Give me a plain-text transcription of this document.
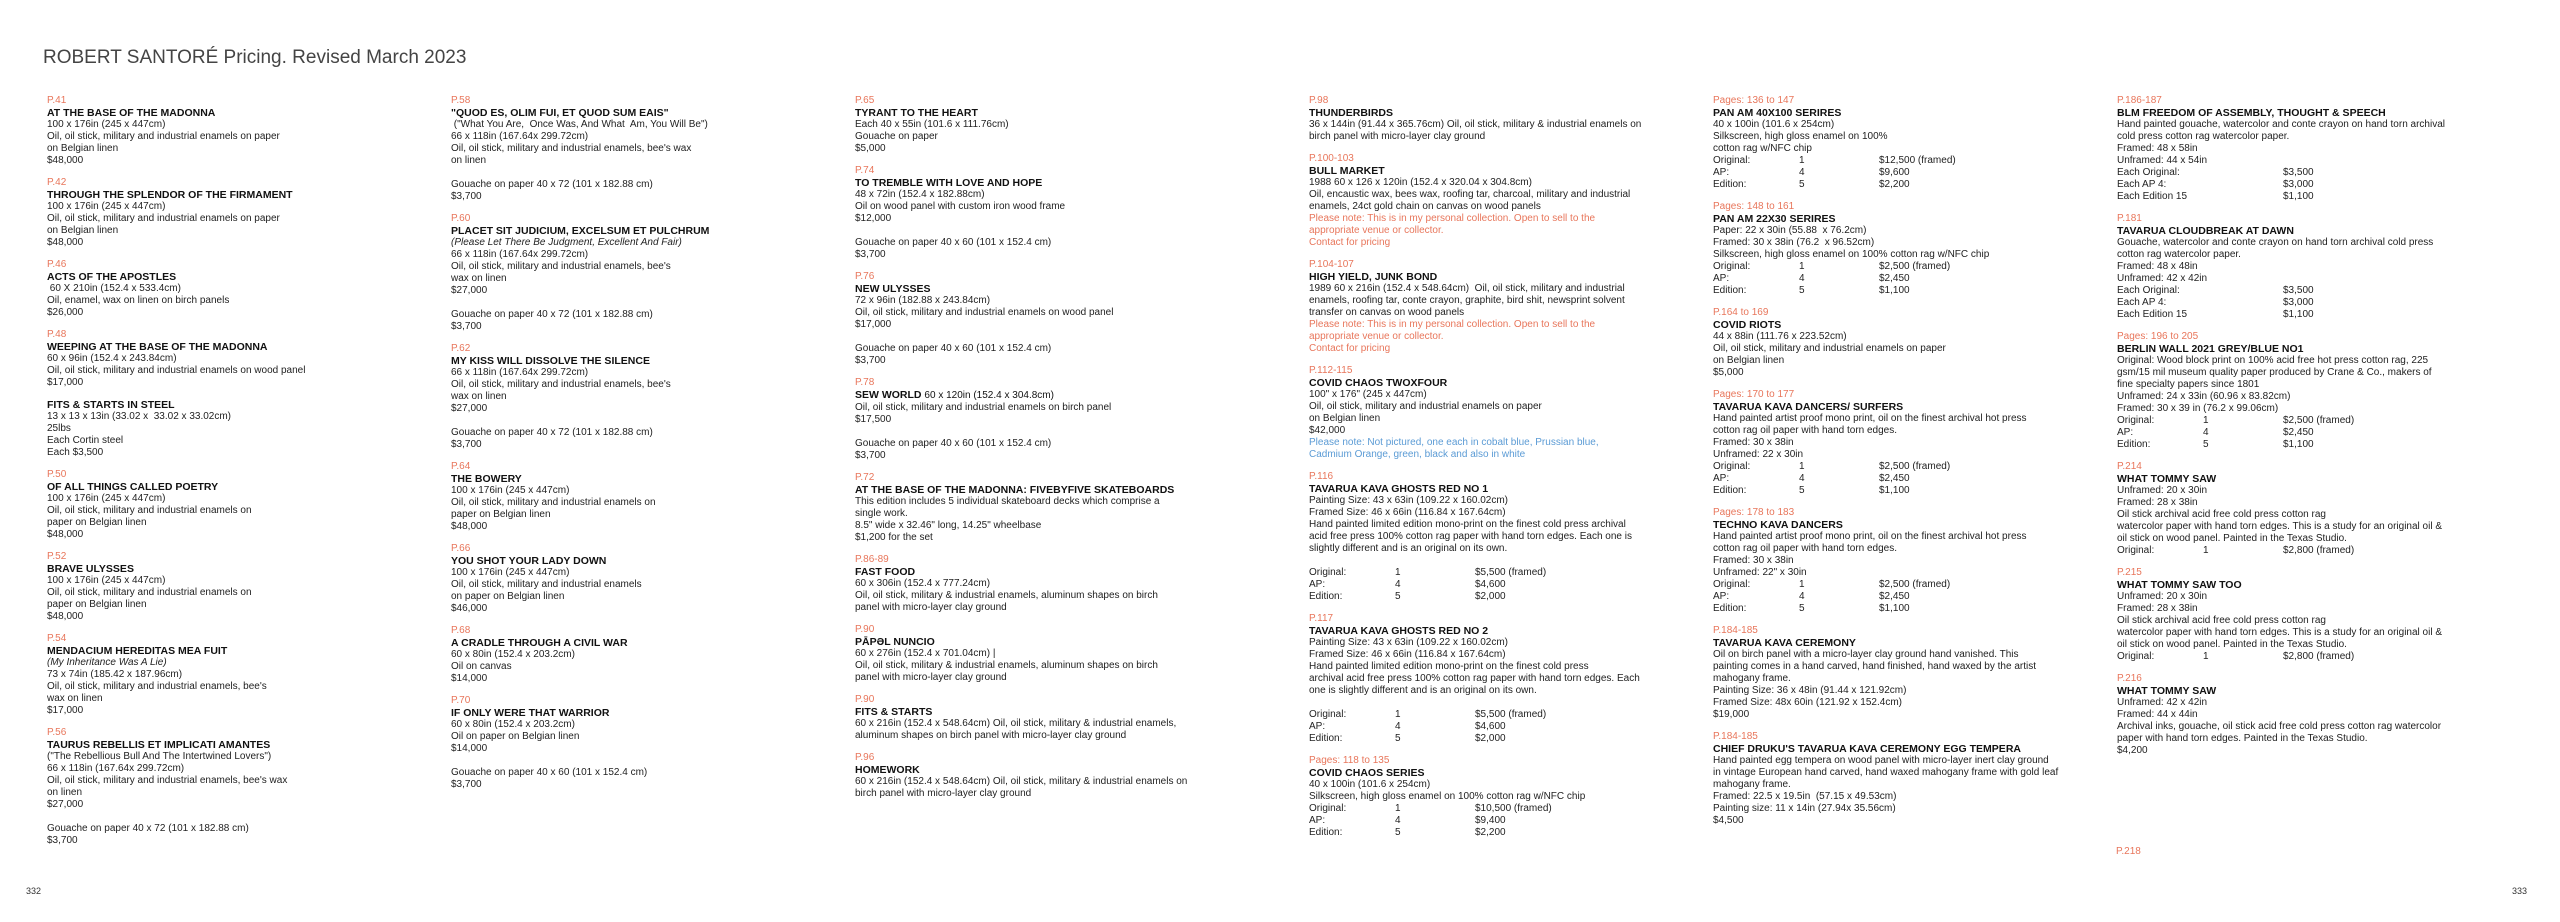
ROBERT SANTORÉ Pricing. Revised March 2023
P.41
AT THE BASE OF THE MADONNA
100 x 176in (245 x 447cm)
Oil, oil stick, military and industrial enamels on paper
on Belgian linen
$48,000
P.42
THROUGH THE SPLENDOR OF THE FIRMAMENT
100 x 176in (245 x 447cm)
Oil, oil stick, military and industrial enamels on paper
on Belgian linen
$48,000
P.46
ACTS OF THE APOSTLES
60 X 210in (152.4 x 533.4cm)
Oil, enamel, wax on linen on birch panels
$26,000
P.48
WEEPING AT THE BASE OF THE MADONNA
60 x 96in (152.4 x 243.84cm)
Oil, oil stick, military and industrial enamels on wood panel
$17,000
FITS & STARTS IN STEEL
13 x 13 x 13in (33.02 x  33.02 x 33.02cm)
25lbs
Each Cortin steel
Each $3,500
P.50
OF ALL THINGS CALLED POETRY
100 x 176in (245 x 447cm)
Oil, oil stick, military and industrial enamels on
paper on Belgian linen
$48,000
P.52
BRAVE ULYSSES
100 x 176in (245 x 447cm)
Oil, oil stick, military and industrial enamels on
paper on Belgian linen
$48,000
P.54
MENDACIUM HEREDITAS MEA FUIT
(My Inheritance Was A Lie)
73 x 74in (185.42 x 187.96cm)
Oil, oil stick, military and industrial enamels, bee's
wax on linen
$17,000
P.56
TAURUS REBELLIS ET IMPLICATI AMANTES
("The Rebellious Bull And The Intertwined Lovers")
66 x 118in (167.64x 299.72cm)
Oil, oil stick, military and industrial enamels, bee's wax
on linen
$27,000

Gouache on paper 40 x 72 (101 x 182.88 cm)
$3,700
P.58
"QUOD ES, OLIM FUI, ET QUOD SUM EAIS"
("What You Are,  Once Was, And What  Am, You Will Be")
66 x 118in (167.64x 299.72cm)
Oil, oil stick, military and industrial enamels, bee's wax
on linen

Gouache on paper 40 x 72 (101 x 182.88 cm)
$3,700
P.60
PLACET SIT JUDICIUM, EXCELSUM ET PULCHRUM
(Please Let There Be Judgment, Excellent And Fair)
66 x 118in (167.64x 299.72cm)
Oil, oil stick, military and industrial enamels, bee's
wax on linen
$27,000

Gouache on paper 40 x 72 (101 x 182.88 cm)
$3,700
P.62
MY KISS WILL DISSOLVE THE SILENCE
66 x 118in (167.64x 299.72cm)
Oil, oil stick, military and industrial enamels, bee's
wax on linen
$27,000

Gouache on paper 40 x 72 (101 x 182.88 cm)
$3,700
P.64
THE BOWERY
100 x 176in (245 x 447cm)
Oil, oil stick, military and industrial enamels on
paper on Belgian linen
$48,000
P.66
YOU SHOT YOUR LADY DOWN
100 x 176in (245 x 447cm)
Oil, oil stick, military and industrial enamels
on paper on Belgian linen
$46,000
P.68
A CRADLE THROUGH A CIVIL WAR
60 x 80in (152.4 x 203.2cm)
Oil on canvas
$14,000
P.70
IF ONLY WERE THAT WARRIOR
60 x 80in (152.4 x 203.2cm)
Oil on paper on Belgian linen
$14,000

Gouache on paper 40 x 60 (101 x 152.4 cm)
$3,700
P.65
TYRANT TO THE HEART
Each 40 x 55in (101.6 x 111.76cm)
Gouache on paper
$5,000
P.74
TO TREMBLE WITH LOVE AND HOPE
48 x 72in (152.4 x 182.88cm)
Oil on wood panel with custom iron wood frame
$12,000

Gouache on paper 40 x 60 (101 x 152.4 cm)
$3,700
P.76
NEW ULYSSES
72 x 96in (182.88 x 243.84cm)
Oil, oil stick, military and industrial enamels on wood panel
$17,000

Gouache on paper 40 x 60 (101 x 152.4 cm)
$3,700
P.78
SEW WORLD 60 x 120in (152.4 x 304.8cm)
Oil, oil stick, military and industrial enamels on birch panel
$17,500

Gouache on paper 40 x 60 (101 x 152.4 cm)
$3,700
P.72
AT THE BASE OF THE MADONNA: FIVEBYFIVE SKATEBOARDS
This edition includes 5 individual skateboard decks which comprise a
single work.
8.5" wide x 32.46" long, 14.25" wheelbase
$1,200 for the set
P.86-89
FAST FOOD
60 x 306in (152.4 x 777.24cm)
Oil, oil stick, military & industrial enamels, aluminum shapes on birch
panel with micro-layer clay ground
P.90
PĀPƏL NUNCIO
60 x 276in (152.4 x 701.04cm) |
Oil, oil stick, military & industrial enamels, aluminum shapes on birch
panel with micro-layer clay ground
P.90
FITS & STARTS
60 x 216in (152.4 x 548.64cm) Oil, oil stick, military & industrial enamels,
aluminum shapes on birch panel with micro-layer clay ground
P.96
HOMEWORK
60 x 216in (152.4 x 548.64cm) Oil, oil stick, military & industrial enamels on
birch panel with micro-layer clay ground
P.98
THUNDERBIRDS
36 x 144in (91.44 x 365.76cm) Oil, oil stick, military & industrial enamels on
birch panel with micro-layer clay ground
P.100-103
BULL MARKET
1988 60 x 126 x 120in (152.4 x 320.04 x 304.8cm)
Oil, encaustic wax, bees wax, roofing tar, charcoal, military and industrial
enamels, 24ct gold chain on canvas on wood panels
Please note: This is in my personal collection. Open to sell to the
appropriate venue or collector.
Contact for pricing
P.104-107
HIGH YIELD, JUNK BOND
1989 60 x 216in (152.4 x 548.64cm)  Oil, oil stick, military and industrial
enamels, roofing tar, conte crayon, graphite, bird shit, newsprint solvent
transfer on canvas on wood panels
Please note: This is in my personal collection. Open to sell to the
appropriate venue or collector.
Contact for pricing
P.112-115
COVID CHAOS TWOXFOUR
100" x 176" (245 x 447cm)
Oil, oil stick, military and industrial enamels on paper
on Belgian linen
$42,000
Please note: Not pictured, one each in cobalt blue, Prussian blue,
Cadmium Orange, green, black and also in white
P.116
TAVARUA KAVA GHOSTS RED NO 1
Painting Size: 43 x 63in (109.22 x 160.02cm)
Framed Size: 46 x 66in (116.84 x 167.64cm)
Hand painted limited edition mono-print on the finest cold press archival
acid free press 100% cotton rag paper with hand torn edges. Each one is
slightly different and is an original on its own.

Original:	1	$5,500 (framed)
AP:	4	$4,600
Edition:	5	$2,000
P.117
TAVARUA KAVA GHOSTS RED NO 2
Painting Size: 43 x 63in (109.22 x 160.02cm)
Framed Size: 46 x 66in (116.84 x 167.64cm)
Hand painted limited edition mono-print on the finest cold press
archival acid free press 100% cotton rag paper with hand torn edges. Each
one is slightly different and is an original on its own.

Original:	1	$5,500 (framed)
AP:	4	$4,600
Edition:	5	$2,000
Pages: 118 to 135
COVID CHAOS SERIES
40 x 100in (101.6 x 254cm)
Silkscreen, high gloss enamel on 100% cotton rag w/NFC chip
Original:	1	$10,500 (framed)
AP:	4	$9,400
Edition:	5	$2,200
Pages: 136 to 147
PAN AM 40X100 SERIRES
40 x 100in (101.6 x 254cm)
Silkscreen, high gloss enamel on 100%
cotton rag w/NFC chip
Original:	1	$12,500 (framed)
AP:	4	$9,600
Edition:	5	$2,200
Pages: 148 to 161
PAN AM 22X30 SERIRES
Paper: 22 x 30in (55.88  x 76.2cm)
Framed: 30 x 38in (76.2  x 96.52cm)
Silkscreen, high gloss enamel on 100% cotton rag w/NFC chip
Original:	1	$2,500 (framed)
AP:	4	$2,450
Edition:	5	$1,100
P.164 to 169
COVID RIOTS
44 x 88in (111.76 x 223.52cm)
Oil, oil stick, military and industrial enamels on paper
on Belgian linen
$5,000
Pages: 170 to 177
TAVARUA KAVA DANCERS/ SURFERS
Hand painted artist proof mono print, oil on the finest archival hot press
cotton rag oil paper with hand torn edges.
Framed: 30 x 38in
Unframed: 22 x 30in
Original:	1	$2,500 (framed)
AP:	4	$2,450
Edition:	5	$1,100
Pages: 178 to 183
TECHNO KAVA DANCERS
Hand painted artist proof mono print, oil on the finest archival hot press
cotton rag oil paper with hand torn edges.
Framed: 30 x 38in
Unframed: 22" x 30in
Original:	1	$2,500 (framed)
AP:	4	$2,450
Edition:	5	$1,100
P.184-185
TAVARUA KAVA CEREMONY
Oil on birch panel with a micro-layer clay ground hand vanished. This
painting comes in a hand carved, hand finished, hand waxed by the artist
mahogany frame.
Painting Size: 36 x 48in (91.44 x 121.92cm)
Framed Size: 48x 60in (121.92 x 152.4cm)
$19,000
P.184-185
CHIEF DRUKU'S TAVARUA KAVA CEREMONY EGG TEMPERA
Hand painted egg tempera on wood panel with micro-layer inert clay ground
in vintage European hand carved, hand waxed mahogany frame with gold leaf
mahogany frame.
Framed: 22.5 x 19.5in  (57.15 x 49.53cm)
Painting size: 11 x 14in (27.94x 35.56cm)
$4,500
P.186-187
BLM FREEDOM OF ASSEMBLY, THOUGHT & SPEECH
Hand painted gouache, watercolor and conte crayon on hand torn archival
cold press cotton rag watercolor paper.
Framed: 48 x 58in
Unframed: 44 x 54in
Each Original:		$3,500
Each AP 4:		$3,000
Each Edition 15		$1,100
P.181
TAVARUA CLOUDBREAK AT DAWN
Gouache, watercolor and conte crayon on hand torn archival cold press
cotton rag watercolor paper.
Framed: 48 x 48in
Unframed: 42 x 42in
Each Original:		$3,500
Each AP 4:		$3,000
Each Edition 15		$1,100
Pages: 196 to 205
BERLIN WALL 2021 GREY/BLUE NO1
Original: Wood block print on 100% acid free hot press cotton rag, 225
gsm/15 mil museum quality paper produced by Crane & Co., makers of
fine specialty papers since 1801
Unframed: 24 x 33in (60.96 x 83.82cm)
Framed: 30 x 39 in (76.2 x 99.06cm)
Original:	1	$2,500 (framed)
AP:	4	$2,450
Edition:	5	$1,100
P.214
WHAT TOMMY SAW
Unframed: 20 x 30in
Framed: 28 x 38in
Oil stick archival acid free cold press cotton rag
watercolor paper with hand torn edges. This is a study for an original oil &
oil stick on wood panel. Painted in the Texas Studio.
Original:	1	$2,800 (framed)
P.215
WHAT TOMMY SAW TOO
Unframed: 20 x 30in
Framed: 28 x 38in
Oil stick archival acid free cold press cotton rag
watercolor paper with hand torn edges. This is a study for an original oil &
oil stick on wood panel. Painted in the Texas Studio.
Original:	1	$2,800 (framed)
P.216
WHAT TOMMY SAW
Unframed: 42 x 42in
Framed: 44 x 44in
Archival inks, gouache, oil stick acid free cold press cotton rag watercolor
paper with hand torn edges. Painted in the Texas Studio.
$4,200
P.218
332	333
